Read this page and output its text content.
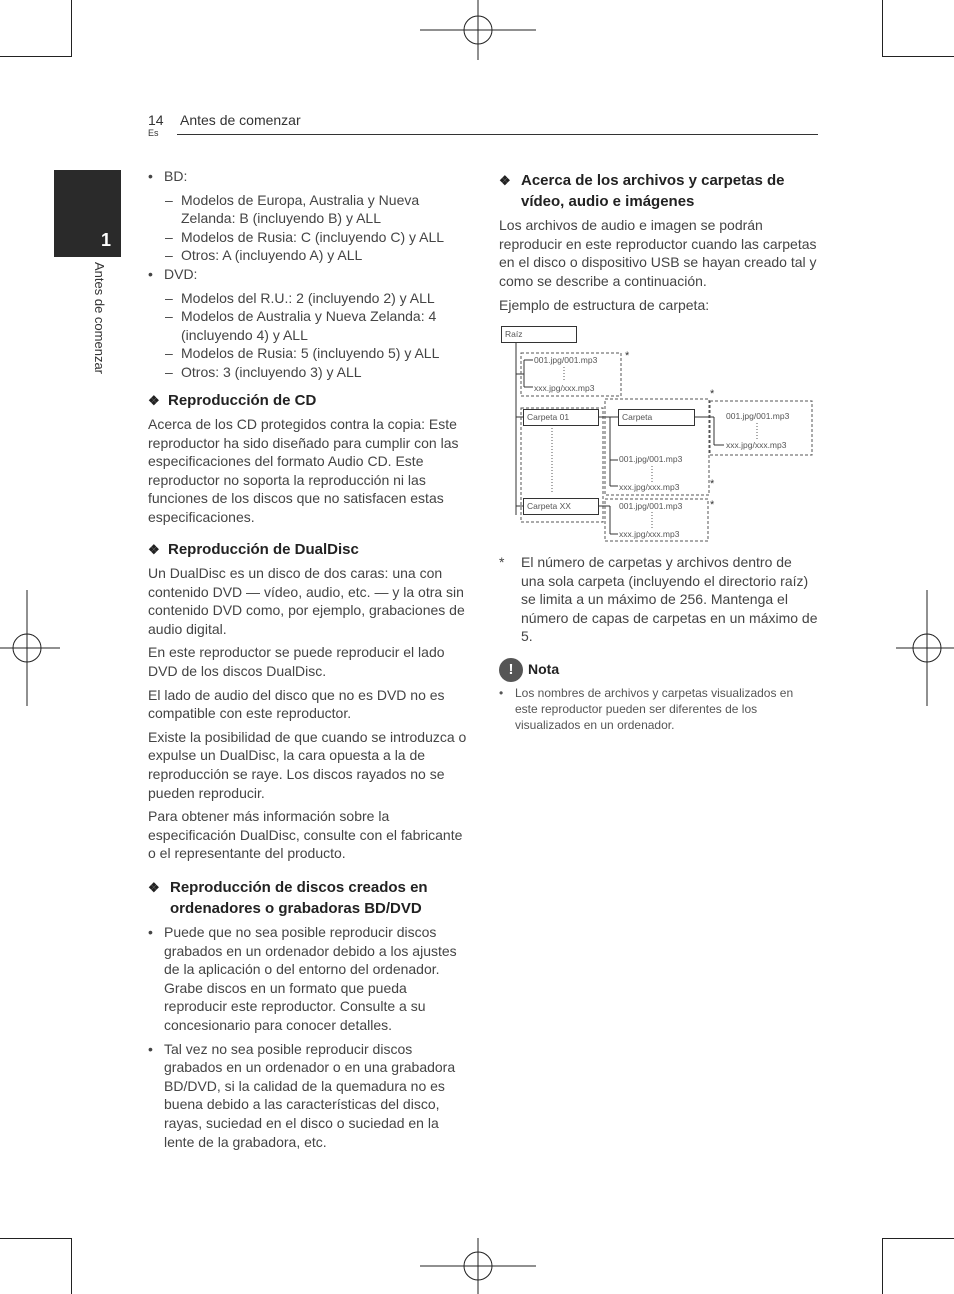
14
Es
Antes de comenzar
1
Antes de comenzar
• BD:
– Modelos de Europa, Australia y Nueva Zelanda: B (incluyendo B) y ALL
– Modelos de Rusia: C (incluyendo C) y ALL
– Otros: A (incluyendo A) y ALL
• DVD:
– Modelos del R.U.: 2 (incluyendo 2) y ALL
– Modelos de Australia y Nueva Zelanda: 4 (incluyendo 4) y ALL
– Modelos de Rusia: 5 (incluyendo 5) y ALL
– Otros: 3 (incluyendo 3) y ALL
❖ Reproducción de CD

Acerca de los CD protegidos contra la copia: Este reproductor ha sido diseñado para cumplir con las especificaciones del formato Audio CD. Este reproductor no soporta la reproducción ni las funciones de los discos que no satisfacen estas especificaciones.

❖ Reproducción de DualDisc

Un DualDisc es un disco de dos caras: una con contenido DVD — vídeo, audio, etc. — y la otra sin contenido DVD como, por ejemplo, grabaciones de audio digital.

En este reproductor se puede reproducir el lado DVD de los discos DualDisc.

El lado de audio del disco que no es DVD no es compatible con este reproductor.

Existe la posibilidad de que cuando se introduzca o expulse un DualDisc, la cara opuesta a la de reproducción se raye. Los discos rayados no se pueden reproducir.

Para obtener más información sobre la especificación DualDisc, consulte con el fabricante o el representante del producto.

❖ Reproducción de discos creados en ordenadores o grabadoras BD/DVD
• Puede que no sea posible reproducir discos grabados en un ordenador debido a los ajustes de la aplicación o del entorno del ordenador. Grabe discos en un formato que pueda reproducir este reproductor. Consulte a su concesionario para conocer detalles.
• Tal vez no sea posible reproducir discos grabados en un ordenador o en una grabadora BD/DVD, si la calidad de la quemadura no es buena debido a las características del disco, rayas, suciedad en el disco o suciedad en la lente de la grabadora, etc.
❖ Acerca de los archivos y carpetas de vídeo, audio e imágenes

Los archivos de audio e imagen se podrán reproducir en este reproductor cuando las carpetas en el disco o dispositivo USB se hayan creado tal y como se describe a continuación.

Ejemplo de estructura de carpeta:

Raíz
001.jpg/001.mp3
xxx.jpg/xxx.mp3
Carpeta 01
Carpeta XX
Carpeta	001.jpg/001.mp3
xxx.jpg/xxx.mp3
001.jpg/001.mp3
xxx.jpg/xxx.mp3
001.jpg/001.mp3
xxx.jpg/xxx.mp3
*
*
*
*
*	El número de carpetas y archivos dentro de una sola carpeta (incluyendo el directorio raíz) se limita a un máximo de 256. Mantenga el número de capas de carpetas en un máximo de 5.

!	Nota
• Los nombres de archivos y carpetas visualizados en este reproductor pueden ser diferentes de los visualizados en un ordenador.
